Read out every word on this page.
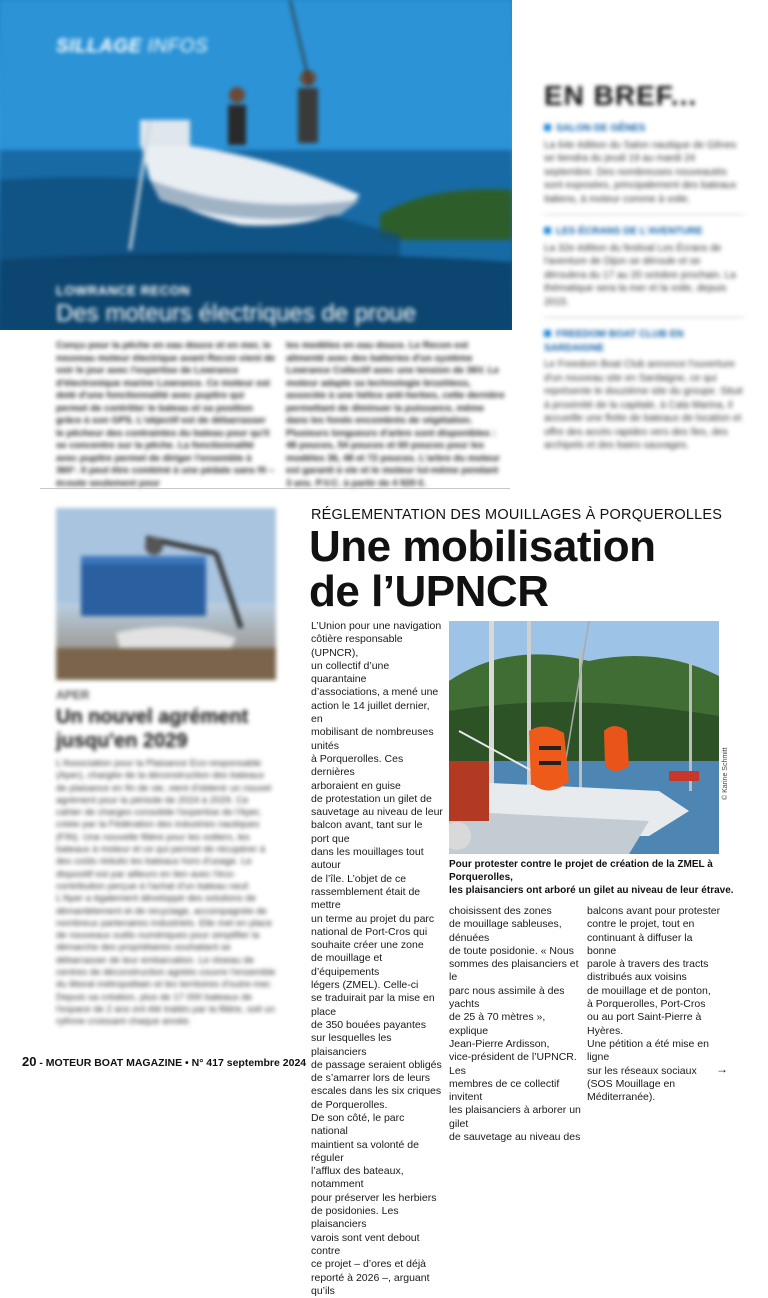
SILLAGE INFOS
LOWRANCE RECON
Des moteurs électriques de proue
Conçu pour la pêche en eau douce et en mer, le nouveau moteur électrique avant Recon vient de voir le jour avec l'expertise de Lowrance d'électronique marine Lowrance. Ce moteur est doté d'une fonctionnalité avec pupitre qui permet de contrôler le bateau et sa position grâce à son GPS. L'objectif est de débarrasser le pêcheur des contraintes du bateau pour qu'il se concentre sur la pêche. La fonctionnalité avec pupitre permet de diriger l'ensemble à 360°. Il peut être combiné à une pédale sans fil – écoute seulement pour
les modèles en eau douce. Le Recon est alimenté avec des batteries d'un système Lowrance Collectif avec une tension de 36V. Le moteur adapte sa technologie brushless, associée à une hélice anti-herbes, cette dernière permettant de diminuer la puissance, même dans les fonds encombrés de végétation. Plusieurs longueurs d'arbre sont disponibles : 48 pouces, 54 pouces et 60 pouces pour les modèles 36, 48 et 72 pouces. L'arbre du moteur est garanti à vie et le moteur lui-même pendant 3 ans. P.V.C. à partir de 4 920 €.
EN BREF...
SALON DE GÊNES
La 64e édition du Salon nautique de Gênes se tiendra du jeudi 19 au mardi 24 septembre. Des nombreuses nouveautés sont exposées, principalement des bateaux italiens, à moteur comme à voile.
LES ÉCRANS DE L'AVENTURE
La 32e édition du festival Les Écrans de l'aventure de Dijon se déroule et se déroulera du 17 au 20 octobre prochain. La thématique sera la mer et la voile, depuis 2015.
FREEDOM BOAT CLUB EN SARDAIGNE
Le Freedom Boat Club annonce l'ouverture d'un nouveau site en Sardaigne, ce qui représente le douzième site du groupe. Situé à proximité de la capitale, à Cala Marina, il accueille une flotte de bateaux de location et offre des accès rapides vers des îles, des archipels et des baies sauvages.
APER
Un nouvel agrément jusqu'en 2029
L'Association pour la Plaisance Eco-responsable (Aper), chargée de la déconstruction des bateaux de plaisance en fin de vie, vient d'obtenir un nouvel agrément pour la période de 2024 à 2029. Ce cahier de charges consolide l'expertise de l'Aper, créée par la Fédération des industries nautiques (FIN). Une nouvelle filière pour les voiliers, les bateaux à moteur et ce qui permet de récupérer à des coûts réduits les bateaux hors d'usage. Le dispositif est par ailleurs en lien avec l'éco-contribution perçue à l'achat d'un bateau neuf. L'Aper a également développé des solutions de démantèlement et de recyclage, accompagnée de nombreux partenaires industriels. Elle met en place de nouveaux outils numériques pour simplifier la démarche des propriétaires souhaitant se débarrasser de leur embarcation. Le réseau de centres de déconstruction agréés couvre l'ensemble du littoral métropolitain et les territoires d'outre-mer. Depuis sa création, plus de 17 000 bateaux de l'espace de 2 ans ont été traités par la filière, soit un rythme croissant chaque année.
RÉGLEMENTATION DES MOUILLAGES À PORQUEROLLES
Une mobilisation
de l’UPNCR

L’Union pour une navigation

côtière responsable (UPNCR),

un collectif d’une quarantaine

d’associations, a mené une

action le 14 juillet dernier, en

mobilisant de nombreuses unités

à Porquerolles. Ces dernières

arboraient en guise

de protestation un gilet de

sauvetage au niveau de leur

balcon avant, tant sur le port que

dans les mouillages tout autour

de l’île. L’objet de ce

rassemblement était de mettre

un terme au projet du parc

national de Port-Cros qui

souhaite créer une zone

de mouillage et d’équipements

légers (ZMEL). Celle-ci

se traduirait par la mise en place

de 350 bouées payantes

sur lesquelles les plaisanciers

de passage seraient obligés

de s’amarrer lors de leurs

escales dans les six criques

de Porquerolles.

De son côté, le parc national

maintient sa volonté de réguler

l’afflux des bateaux, notamment

pour préserver les herbiers

de posidonies. Les plaisanciers

varois sont vent debout contre

ce projet – d’ores et déjà

reporté à 2026 –, arguant qu’ils

© Karine Schmitt
Pour protester contre le projet de création de la ZMEL à Porquerolles,
les plaisanciers ont arboré un gilet au niveau de leur étrave.

choisissent des zones

de mouillage sableuses, dénuées

de toute posidonie. « Nous

sommes des plaisanciers et le

parc nous assimile à des yachts

de 25 à 70 mètres », explique

Jean-Pierre Ardisson,

vice-président de l’UPNCR. Les

membres de ce collectif invitent

les plaisanciers à arborer un gilet

de sauvetage au niveau des

balcons avant pour protester

contre le projet, tout en

continuant à diffuser la bonne

parole à travers des tracts

distribués aux voisins

de mouillage et de ponton,

à Porquerolles, Port-Cros

ou au port Saint-Pierre à Hyères.

Une pétition a été mise en ligne

sur les réseaux sociaux

(SOS Mouillage en Méditerranée).

20 - MOTEUR BOAT MAGAZINE • N° 417 septembre 2024	→
